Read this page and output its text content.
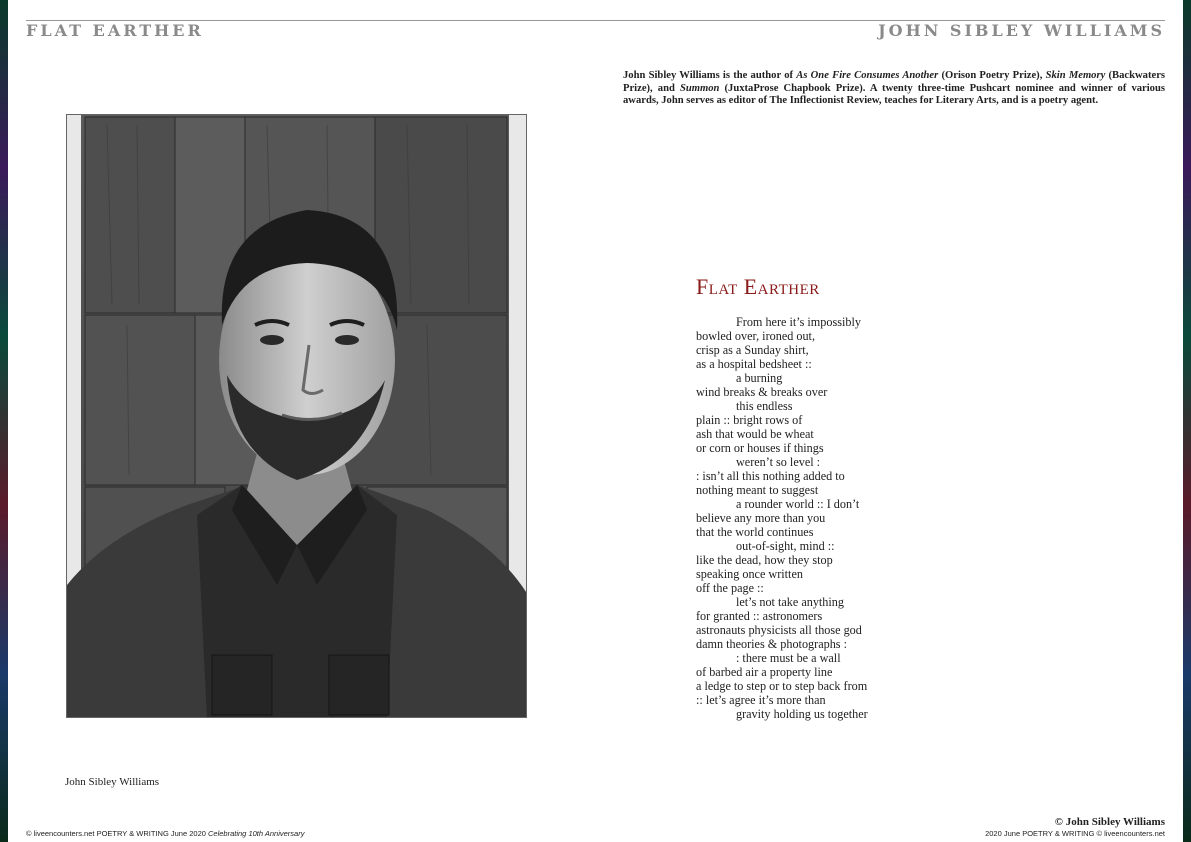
FLAT EARTHER	JOHN SIBLEY WILLIAMS
John Sibley Williams is the author of As One Fire Consumes Another (Orison Poetry Prize), Skin Memory (Backwaters Prize), and Summon (JuxtaProse Chapbook Prize). A twenty three-time Pushcart nominee and winner of various awards, John serves as editor of The Inflectionist Review, teaches for Literary Arts, and is a poetry agent.
John Sibley Williams
Flat Earther
From here it’s impossibly
bowled over, ironed out,
crisp as a Sunday shirt,
as a hospital bedsheet ::
a burning
wind breaks & breaks over
this endless
plain :: bright rows of
ash that would be wheat
or corn or houses if things
weren’t so level :
: isn’t all this nothing added to
nothing meant to suggest
a rounder world :: I don’t
believe any more than you
that the world continues
out-of-sight, mind ::
like the dead, how they stop
speaking once written
off the page ::
let’s not take anything
for granted :: astronomers
astronauts physicists all those god
damn theories & photographs :
: there must be a wall
of barbed air a property line
a ledge to step or to step back from
:: let’s agree it’s more than
gravity holding us together
© John Sibley Williams
© liveencounters.net POETRY & WRITING June 2020 Celebrating 10th Anniversary	2020 June POETRY & WRITING © liveencounters.net
